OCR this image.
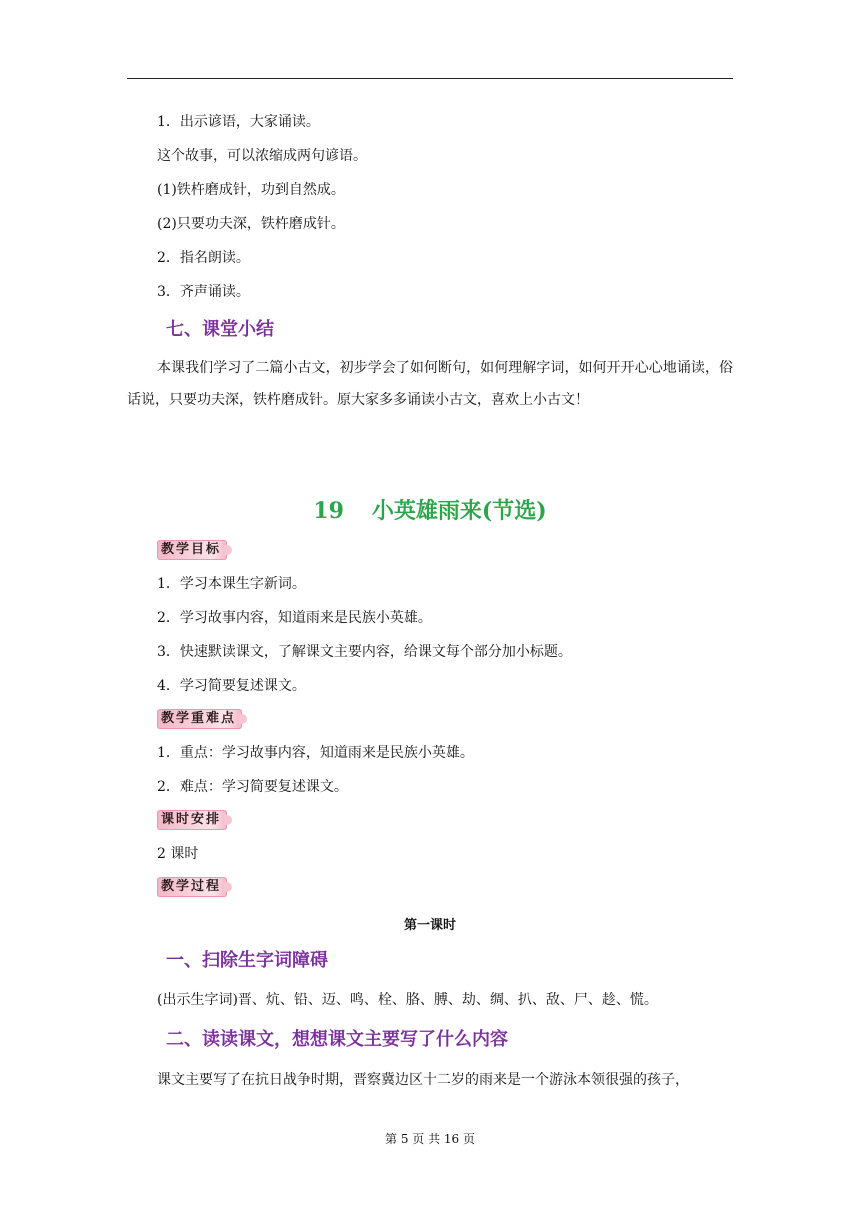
1．出示谚语，大家诵读。
这个故事，可以浓缩成两句谚语。
(1)铁杵磨成针，功到自然成。
(2)只要功夫深，铁杵磨成针。
2．指名朗读。
3．齐声诵读。
七、课堂小结
本课我们学习了二篇小古文，初步学会了如何断句，如何理解字词，如何开开心心地诵读，俗话说，只要功夫深，铁杵磨成针。原大家多多诵读小古文，喜欢上小古文！
19 小英雄雨来(节选)
教学目标
1．学习本课生字新词。
2．学习故事内容，知道雨来是民族小英雄。
3．快速默读课文，了解课文主要内容，给课文每个部分加小标题。
4．学习简要复述课文。
教学重难点
1．重点：学习故事内容，知道雨来是民族小英雄。
2．难点：学习简要复述课文。
课时安排
2 课时
教学过程
第一课时
一、扫除生字词障碍
(出示生字词)晋、炕、铅、迈、鸣、栓、胳、膊、劫、绸、扒、敌、尸、趁、慌。
二、读读课文，想想课文主要写了什么内容
课文主要写了在抗日战争时期，晋察冀边区十二岁的雨来是一个游泳本领很强的孩子，
第 5 页 共 16 页
